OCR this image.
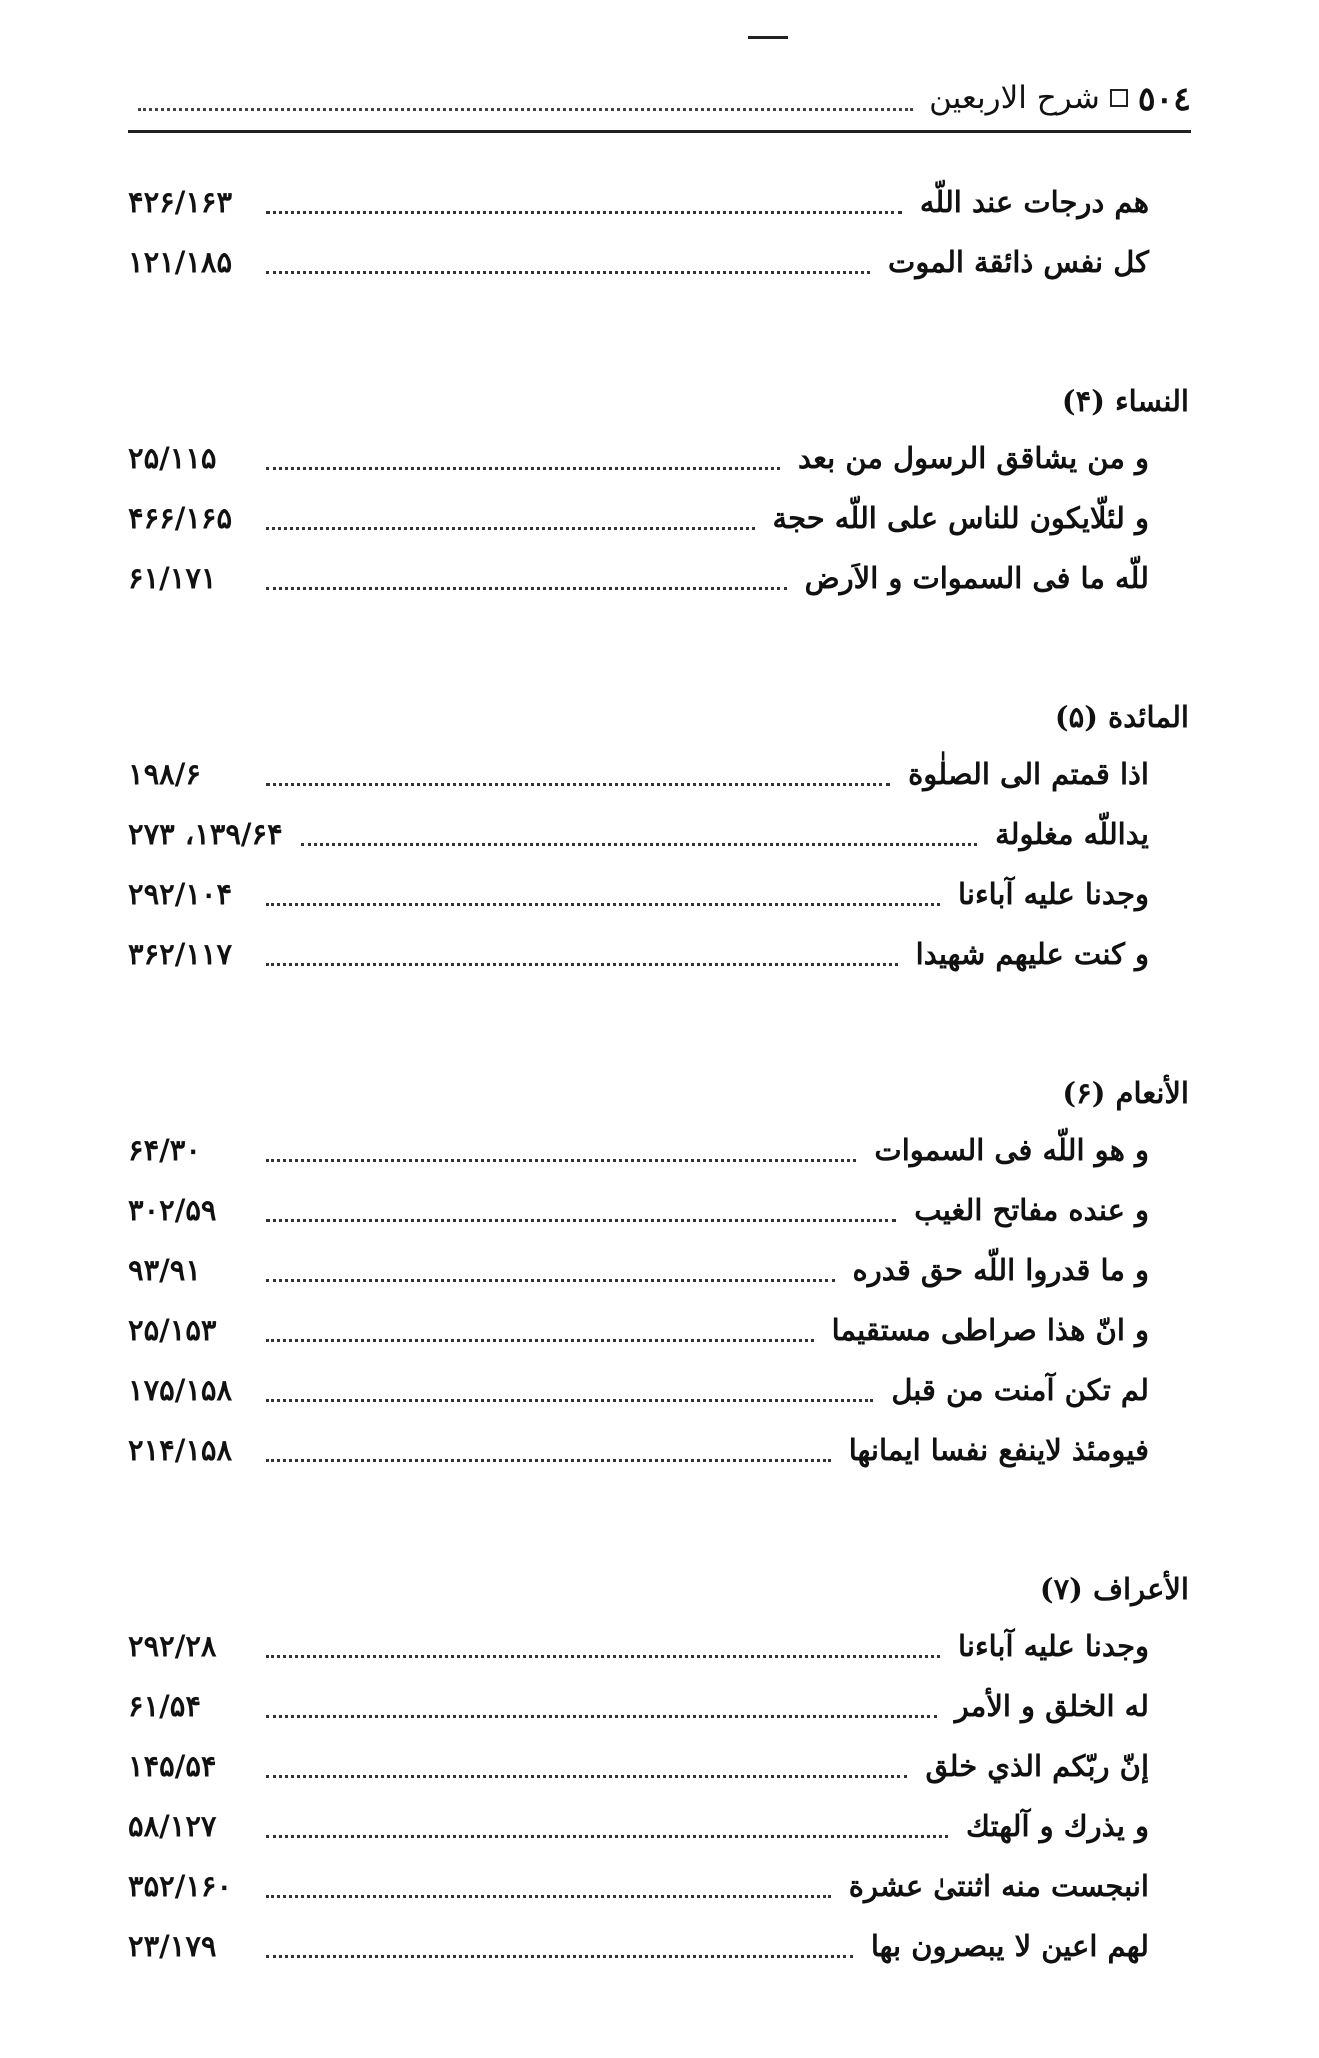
٥٠٤
شرح الاربعين
هم درجات عند اللّه
۴۲۶/۱۶۳
کل نفس ذائقة الموت
۱۲۱/۱۸۵
النساء (۴)
و من یشاقق الرسول من بعد
۲۵/۱۱۵
و لئلّایکون للناس علی اللّه حجة
۴۶۶/۱۶۵
للّه ما فی السموات و الاَرض
۶۱/۱۷۱
المائدة (۵)
اذا قمتم الی الصلٰوة
۱۹۸/۶
یداللّه مغلولة
۱۳۹/۶۴، ۲۷۳
وجدنا علیه آباءنا
۲۹۲/۱۰۴
و کنت علیهم شهیدا
۳۶۲/۱۱۷
الأنعام (۶)
و هو اللّه فی السموات
۶۴/۳۰
و عنده مفاتح الغیب
۳۰۲/۵۹
و ما قدروا اللّه حق قدره
۹۳/۹۱
و انّ هذا صراطی مستقیما
۲۵/۱۵۳
لم تکن آمنت من قبل
۱۷۵/۱۵۸
فیومئذ لاینفع نفسا ایمانها
۲۱۴/۱۵۸
الأعراف (۷)
وجدنا علیه آباءنا
۲۹۲/۲۸
له الخلق و الأمر
۶۱/۵۴
إنّ ربّکم الذي خلق
۱۴۵/۵۴
و یذرك و آلهتك
۵۸/۱۲۷
انبجست منه اثنتیٰ عشرة
۳۵۲/۱۶۰
لهم اعین لا یبصرون بها
۲۳/۱۷۹
